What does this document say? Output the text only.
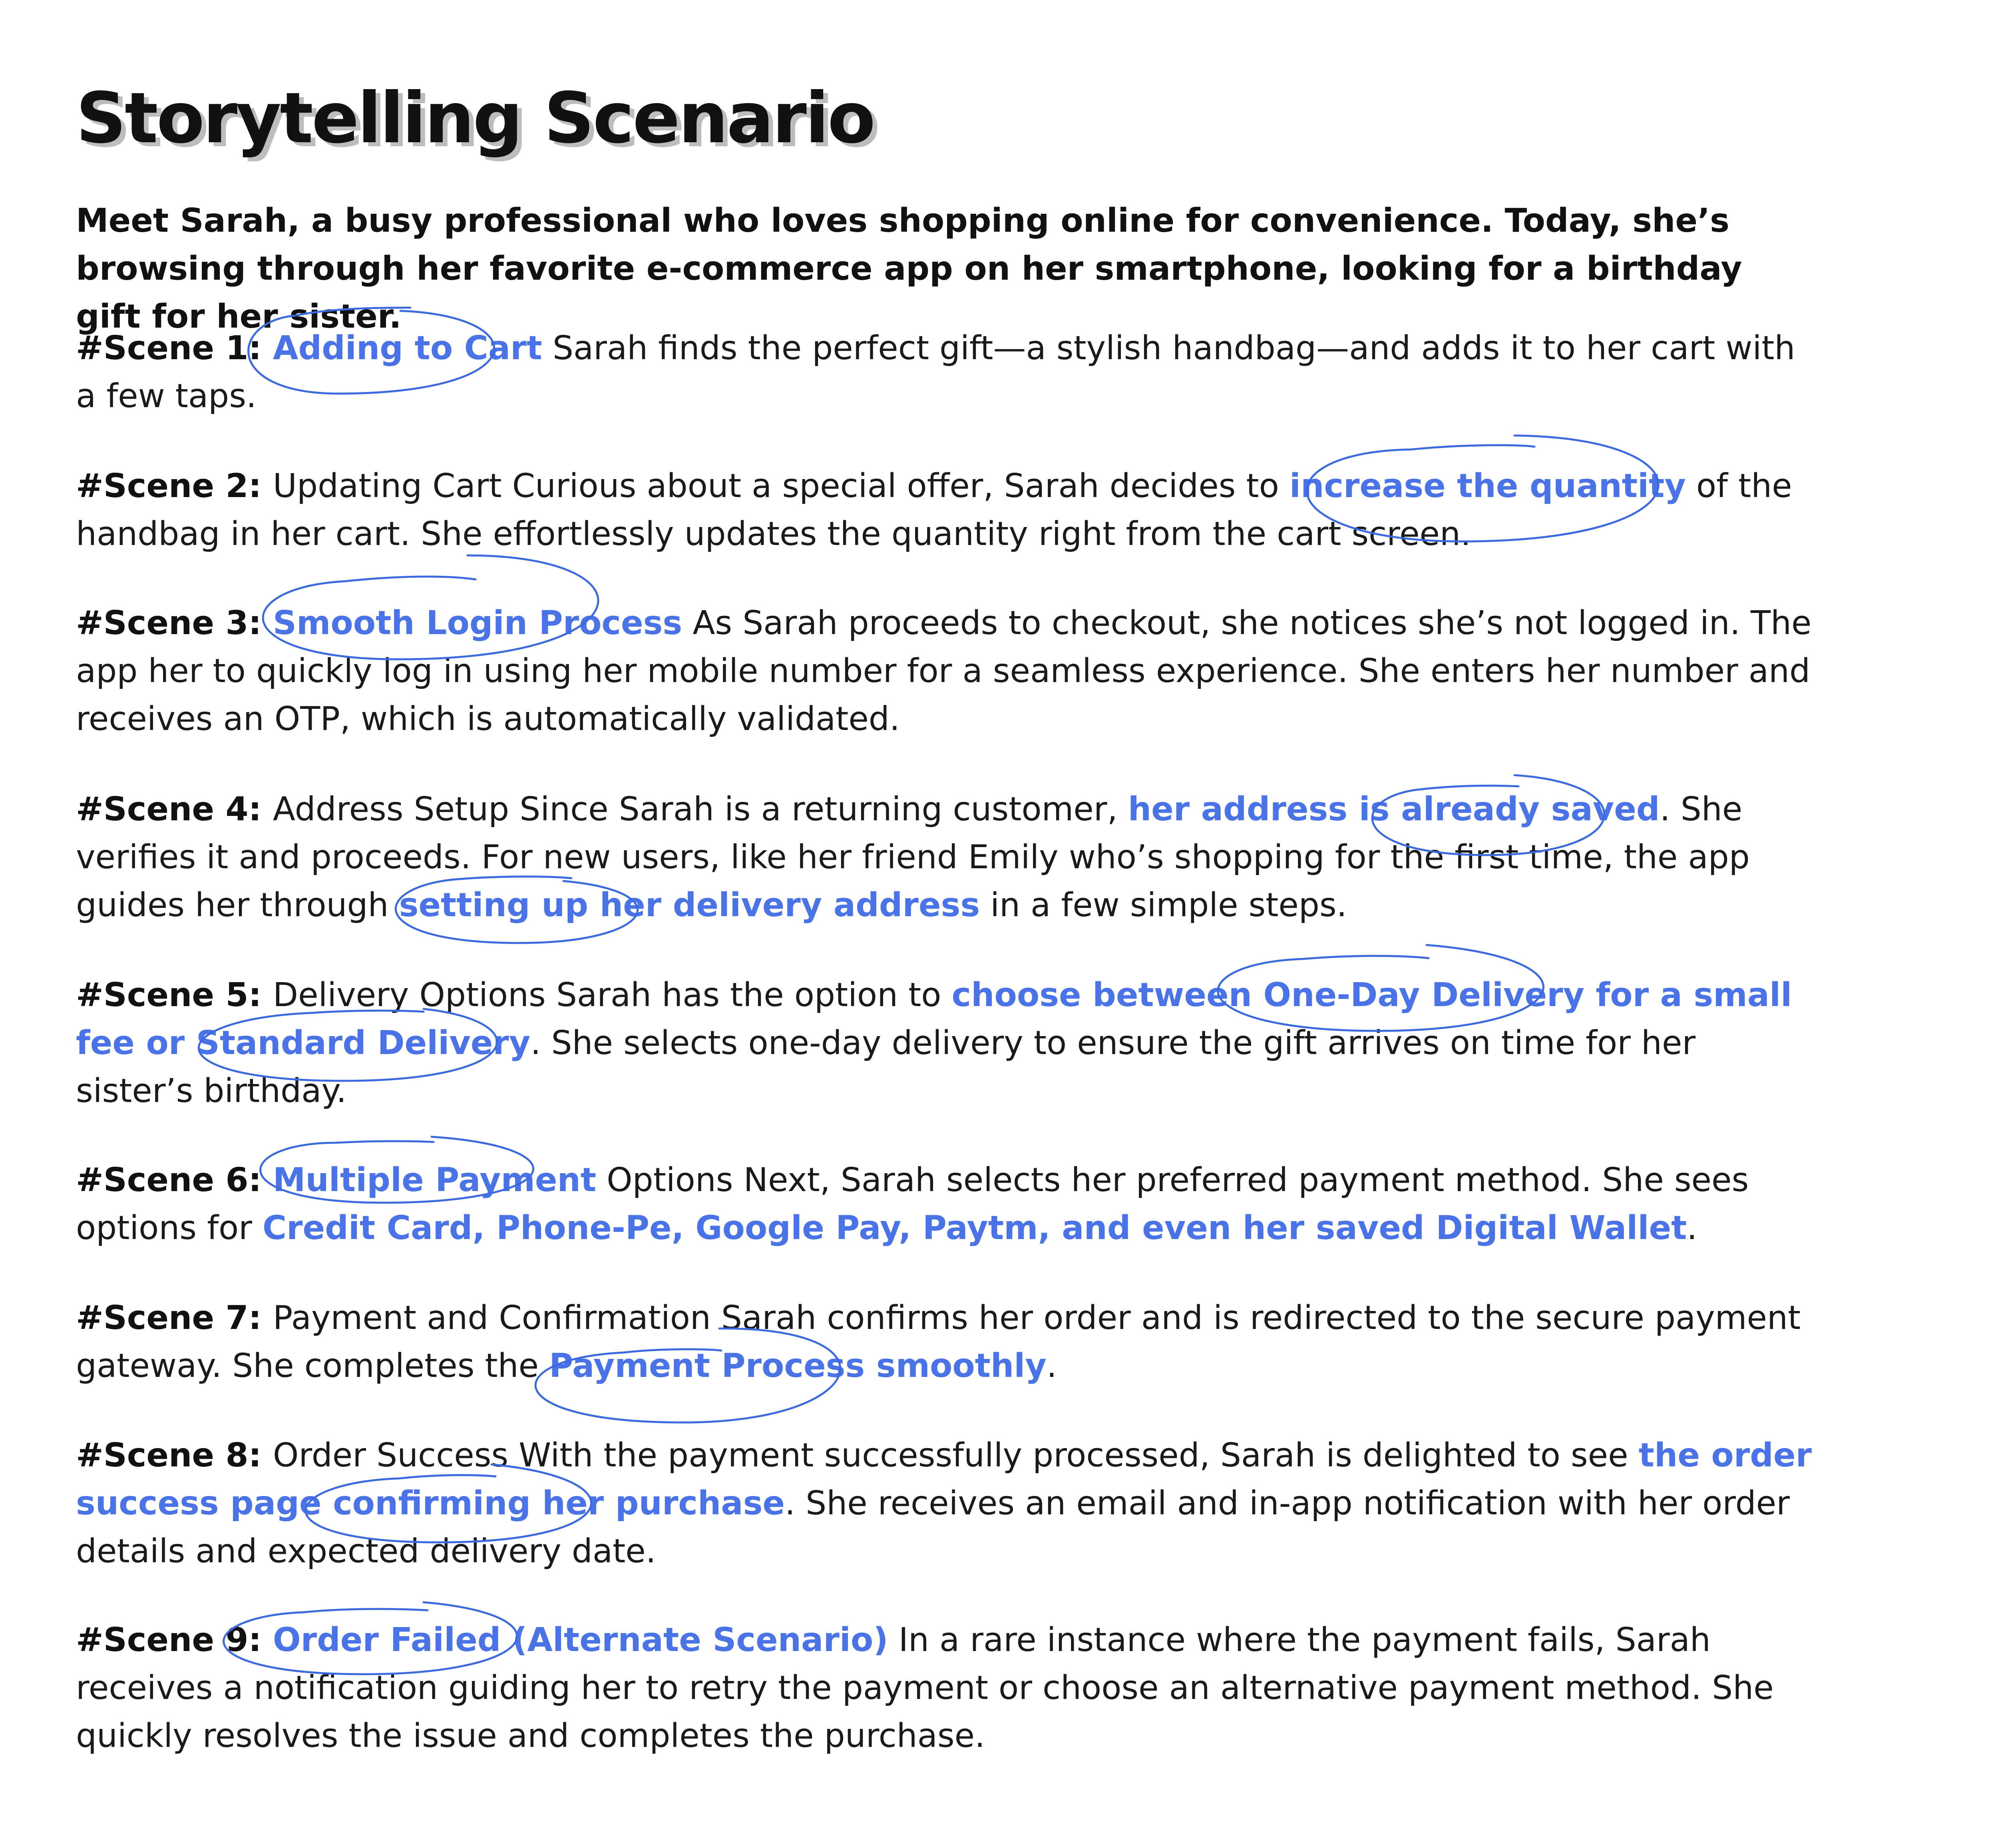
Storytelling Scenario

Meet Sarah, a busy professional who loves shopping online for convenience. Today, she’s browsing through her favorite e-commerce app on her smartphone, looking for a birthday gift for her sister.

#Scene 1: Adding to Cart Sarah finds the perfect gift—a stylish handbag—and adds it to her cart with a few taps.

#Scene 2: Updating Cart Curious about a special offer, Sarah decides to increase the quantity of the handbag in her cart. She effortlessly updates the quantity right from the cart screen.

#Scene 3: Smooth Login Process As Sarah proceeds to checkout, she notices she’s not logged in. The app her to quickly log in using her mobile number for a seamless experience. She enters her number and receives an OTP, which is automatically validated.

#Scene 4: Address Setup Since Sarah is a returning customer, her address is already saved. She verifies it and proceeds. For new users, like her friend Emily who’s shopping for the first time, the app guides her through setting up her delivery address in a few simple steps.

#Scene 5: Delivery Options Sarah has the option to choose between One-Day Delivery for a small fee or Standard Delivery. She selects one-day delivery to ensure the gift arrives on time for her sister’s birthday.

#Scene 6: Multiple Payment Options Next, Sarah selects her preferred payment method. She sees options for Credit Card, Phone-Pe, Google Pay, Paytm, and even her saved Digital Wallet.

#Scene 7: Payment and Confirmation Sarah confirms her order and is redirected to the secure payment gateway. She completes the Payment Process smoothly.

#Scene 8: Order Success With the payment successfully processed, Sarah is delighted to see the order success page confirming her purchase. She receives an email and in-app notification with her order details and expected delivery date.

#Scene 9: Order Failed (Alternate Scenario) In a rare instance where the payment fails, Sarah receives a notification guiding her to retry the payment or choose an alternative payment method. She quickly resolves the issue and completes the purchase.
